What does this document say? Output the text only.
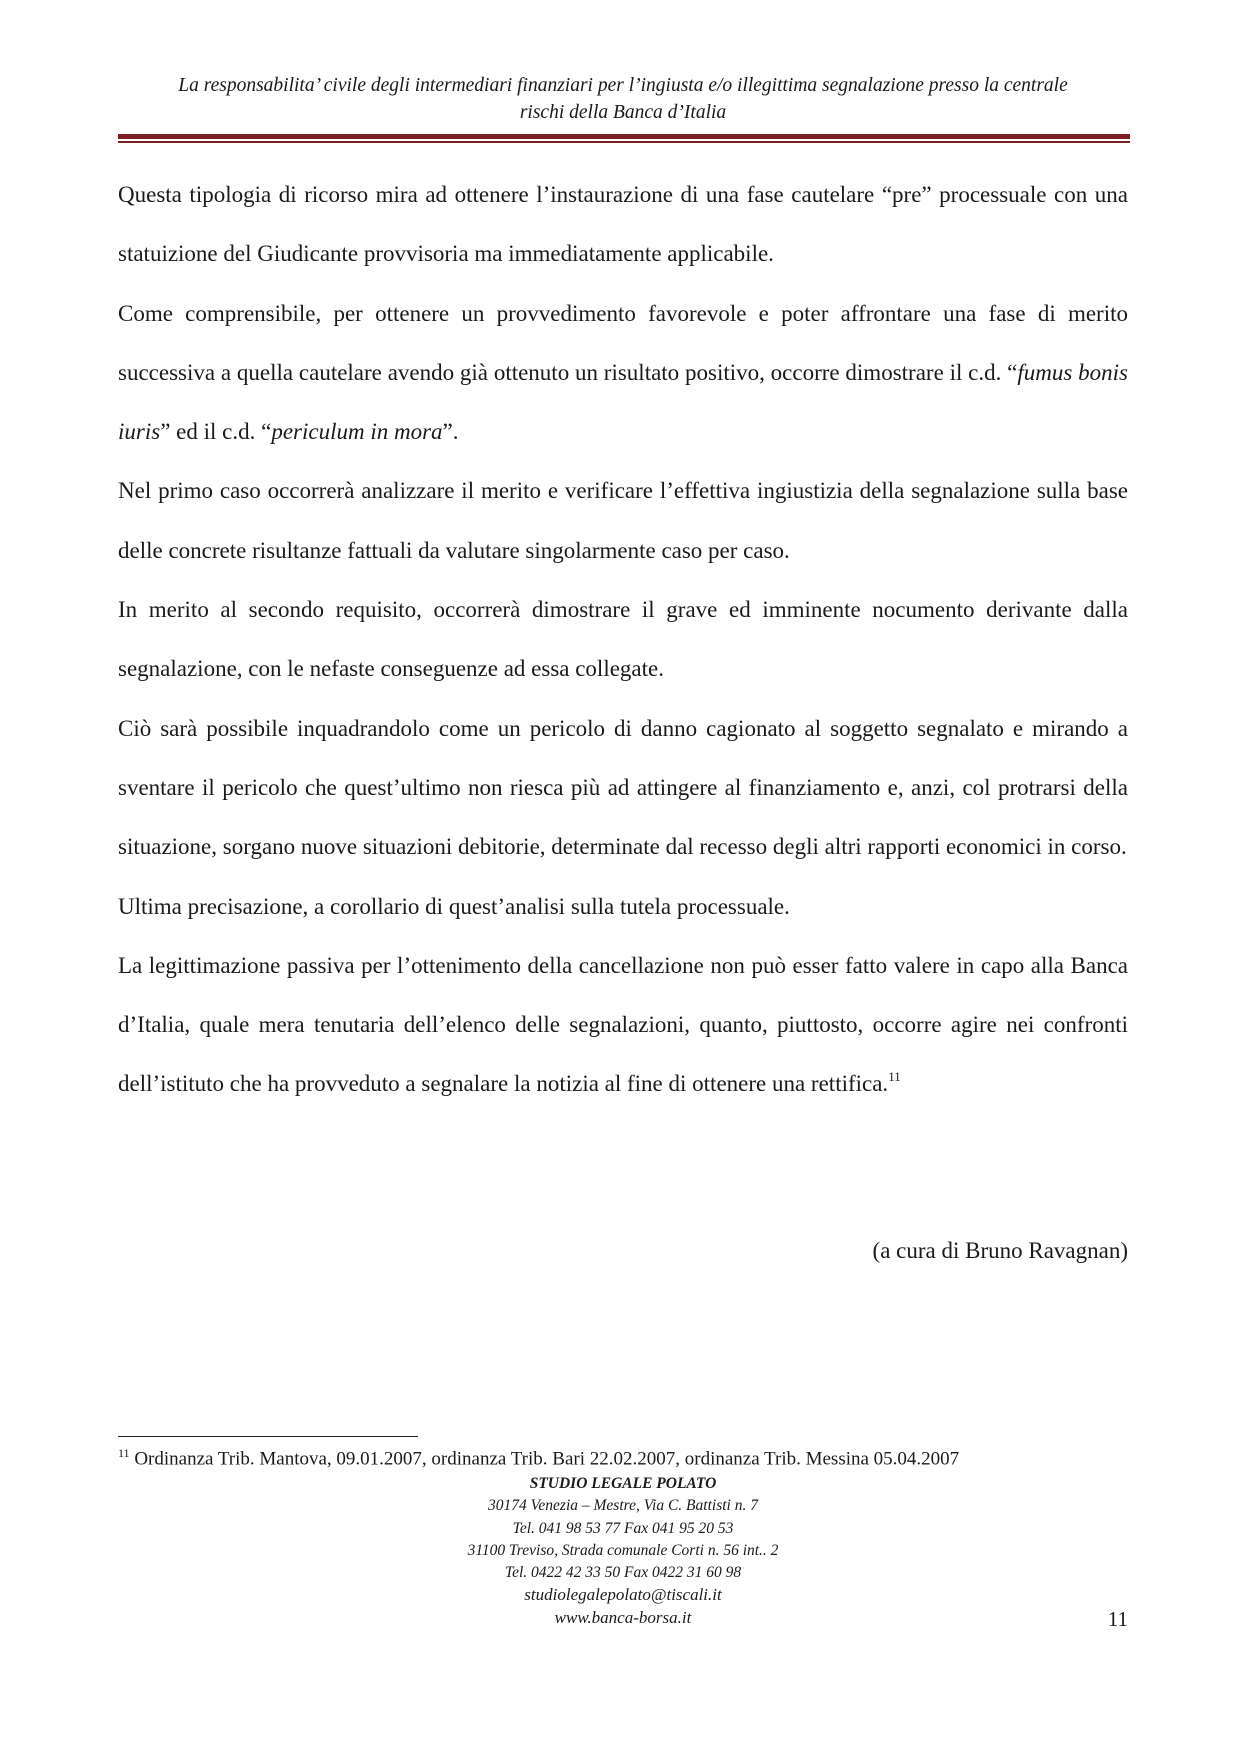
La responsabilita’ civile degli intermediari finanziari per l’ingiusta e/o illegittima segnalazione presso la centrale
rischi della Banca d’Italia

Questa tipologia di ricorso mira ad ottenere l’instaurazione di una fase cautelare “pre” processuale con una statuizione del Giudicante provvisoria ma immediatamente applicabile.

Come comprensibile, per ottenere un provvedimento favorevole e poter affrontare una fase di merito successiva a quella cautelare avendo già ottenuto un risultato positivo, occorre dimostrare il c.d. “fumus bonis iuris” ed il c.d. “periculum in mora”.

Nel primo caso occorrerà analizzare il merito e verificare l’effettiva ingiustizia della segnalazione sulla base delle concrete risultanze fattuali da valutare singolarmente caso per caso.

In merito al secondo requisito, occorrerà dimostrare il grave ed imminente nocumento derivante dalla segnalazione, con le nefaste conseguenze ad essa collegate.

Ciò sarà possibile inquadrandolo come un pericolo di danno cagionato al soggetto segnalato e mirando a sventare il pericolo che quest’ultimo non riesca più ad attingere al finanziamento e, anzi, col protrarsi della situazione, sorgano nuove situazioni debitorie, determinate dal recesso degli altri rapporti economici in corso.

Ultima precisazione, a corollario di quest’analisi sulla tutela processuale.

La legittimazione passiva per l’ottenimento della cancellazione non può esser fatto valere in capo alla Banca d’Italia, quale mera tenutaria dell’elenco delle segnalazioni, quanto, piuttosto, occorre agire nei confronti dell’istituto che ha provveduto a segnalare la notizia al fine di ottenere una rettifica.$^{11}$

(a cura di Bruno Ravagnan)
$^{11}$ Ordinanza Trib. Mantova, 09.01.2007, ordinanza Trib. Bari 22.02.2007, ordinanza Trib. Messina 05.04.2007
STUDIO LEGALE POLATO
30174 Venezia – Mestre, Via C. Battisti n. 7
Tel. 041 98 53 77 Fax 041 95 20 53
31100 Treviso, Strada comunale Corti n. 56 int.. 2
Tel. 0422 42 33 50 Fax 0422 31 60 98
studiolegalepolato@tiscali.it
www.banca-borsa.it	11
